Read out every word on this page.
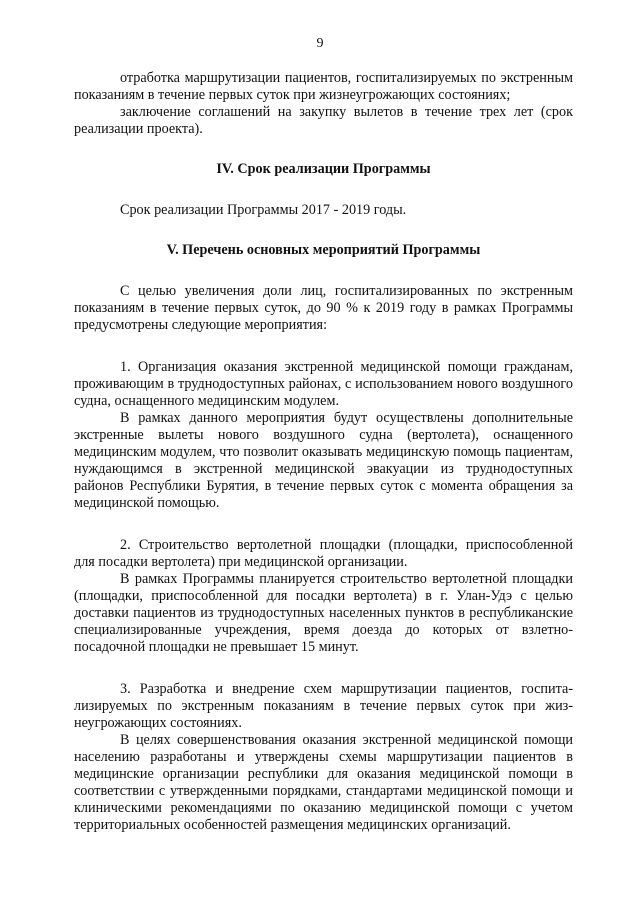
9

отработка маршрутизации пациентов, госпитализируемых по экстренным показаниям в течение первых суток при жизнеугрожающих состояниях;

заключение соглашений на закупку вылетов в течение трех лет (срок реализации проекта).

IV. Срок реализации Программы

Срок реализации Программы 2017 - 2019 годы.

V. Перечень основных мероприятий Программы

С целью увеличения доли лиц, госпитализированных по экстренным показаниям в течение первых суток, до 90 % к 2019 году в рамках Программы предусмотрены следующие мероприятия:

1. Организация оказания экстренной медицинской помощи гражданам, проживающим в труднодоступных районах, с использованием нового воздушного судна, оснащенного медицинским модулем.

В рамках данного мероприятия будут осуществлены дополнительные экстренные вылеты нового воздушного судна (вертолета), оснащенного медицинским модулем, что позволит оказывать медицинскую помощь пациентам, нуждающимся в экстренной медицинской эвакуации из труднодоступных районов Республики Бурятия, в течение первых суток с момента обращения за медицинской помощью.

2. Строительство вертолетной площадки (площадки, приспособленной для посадки вертолета) при медицинской организации.

В рамках Программы планируется строительство вертолетной площадки (площадки, приспособленной для посадки вертолета) в г. Улан-Удэ с целью доставки пациентов из труднодоступных населенных пунктов в республиканские специализированные учреждения, время доезда до которых от взлетно-посадочной площадки не превышает 15 минут.

3. Разработка и внедрение схем маршрутизации пациентов, госпитализируемых по экстренным показаниям в течение первых суток при жизнеугрожающих состояниях.

В целях совершенствования оказания экстренной медицинской помощи населению разработаны и утверждены схемы маршрутизации пациентов в медицинские организации республики для оказания медицинской помощи в соответствии с утвержденными порядками, стандартами медицинской помощи и клиническими рекомендациями по оказанию медицинской помощи с учетом территориальных особенностей размещения медицинских организаций.
